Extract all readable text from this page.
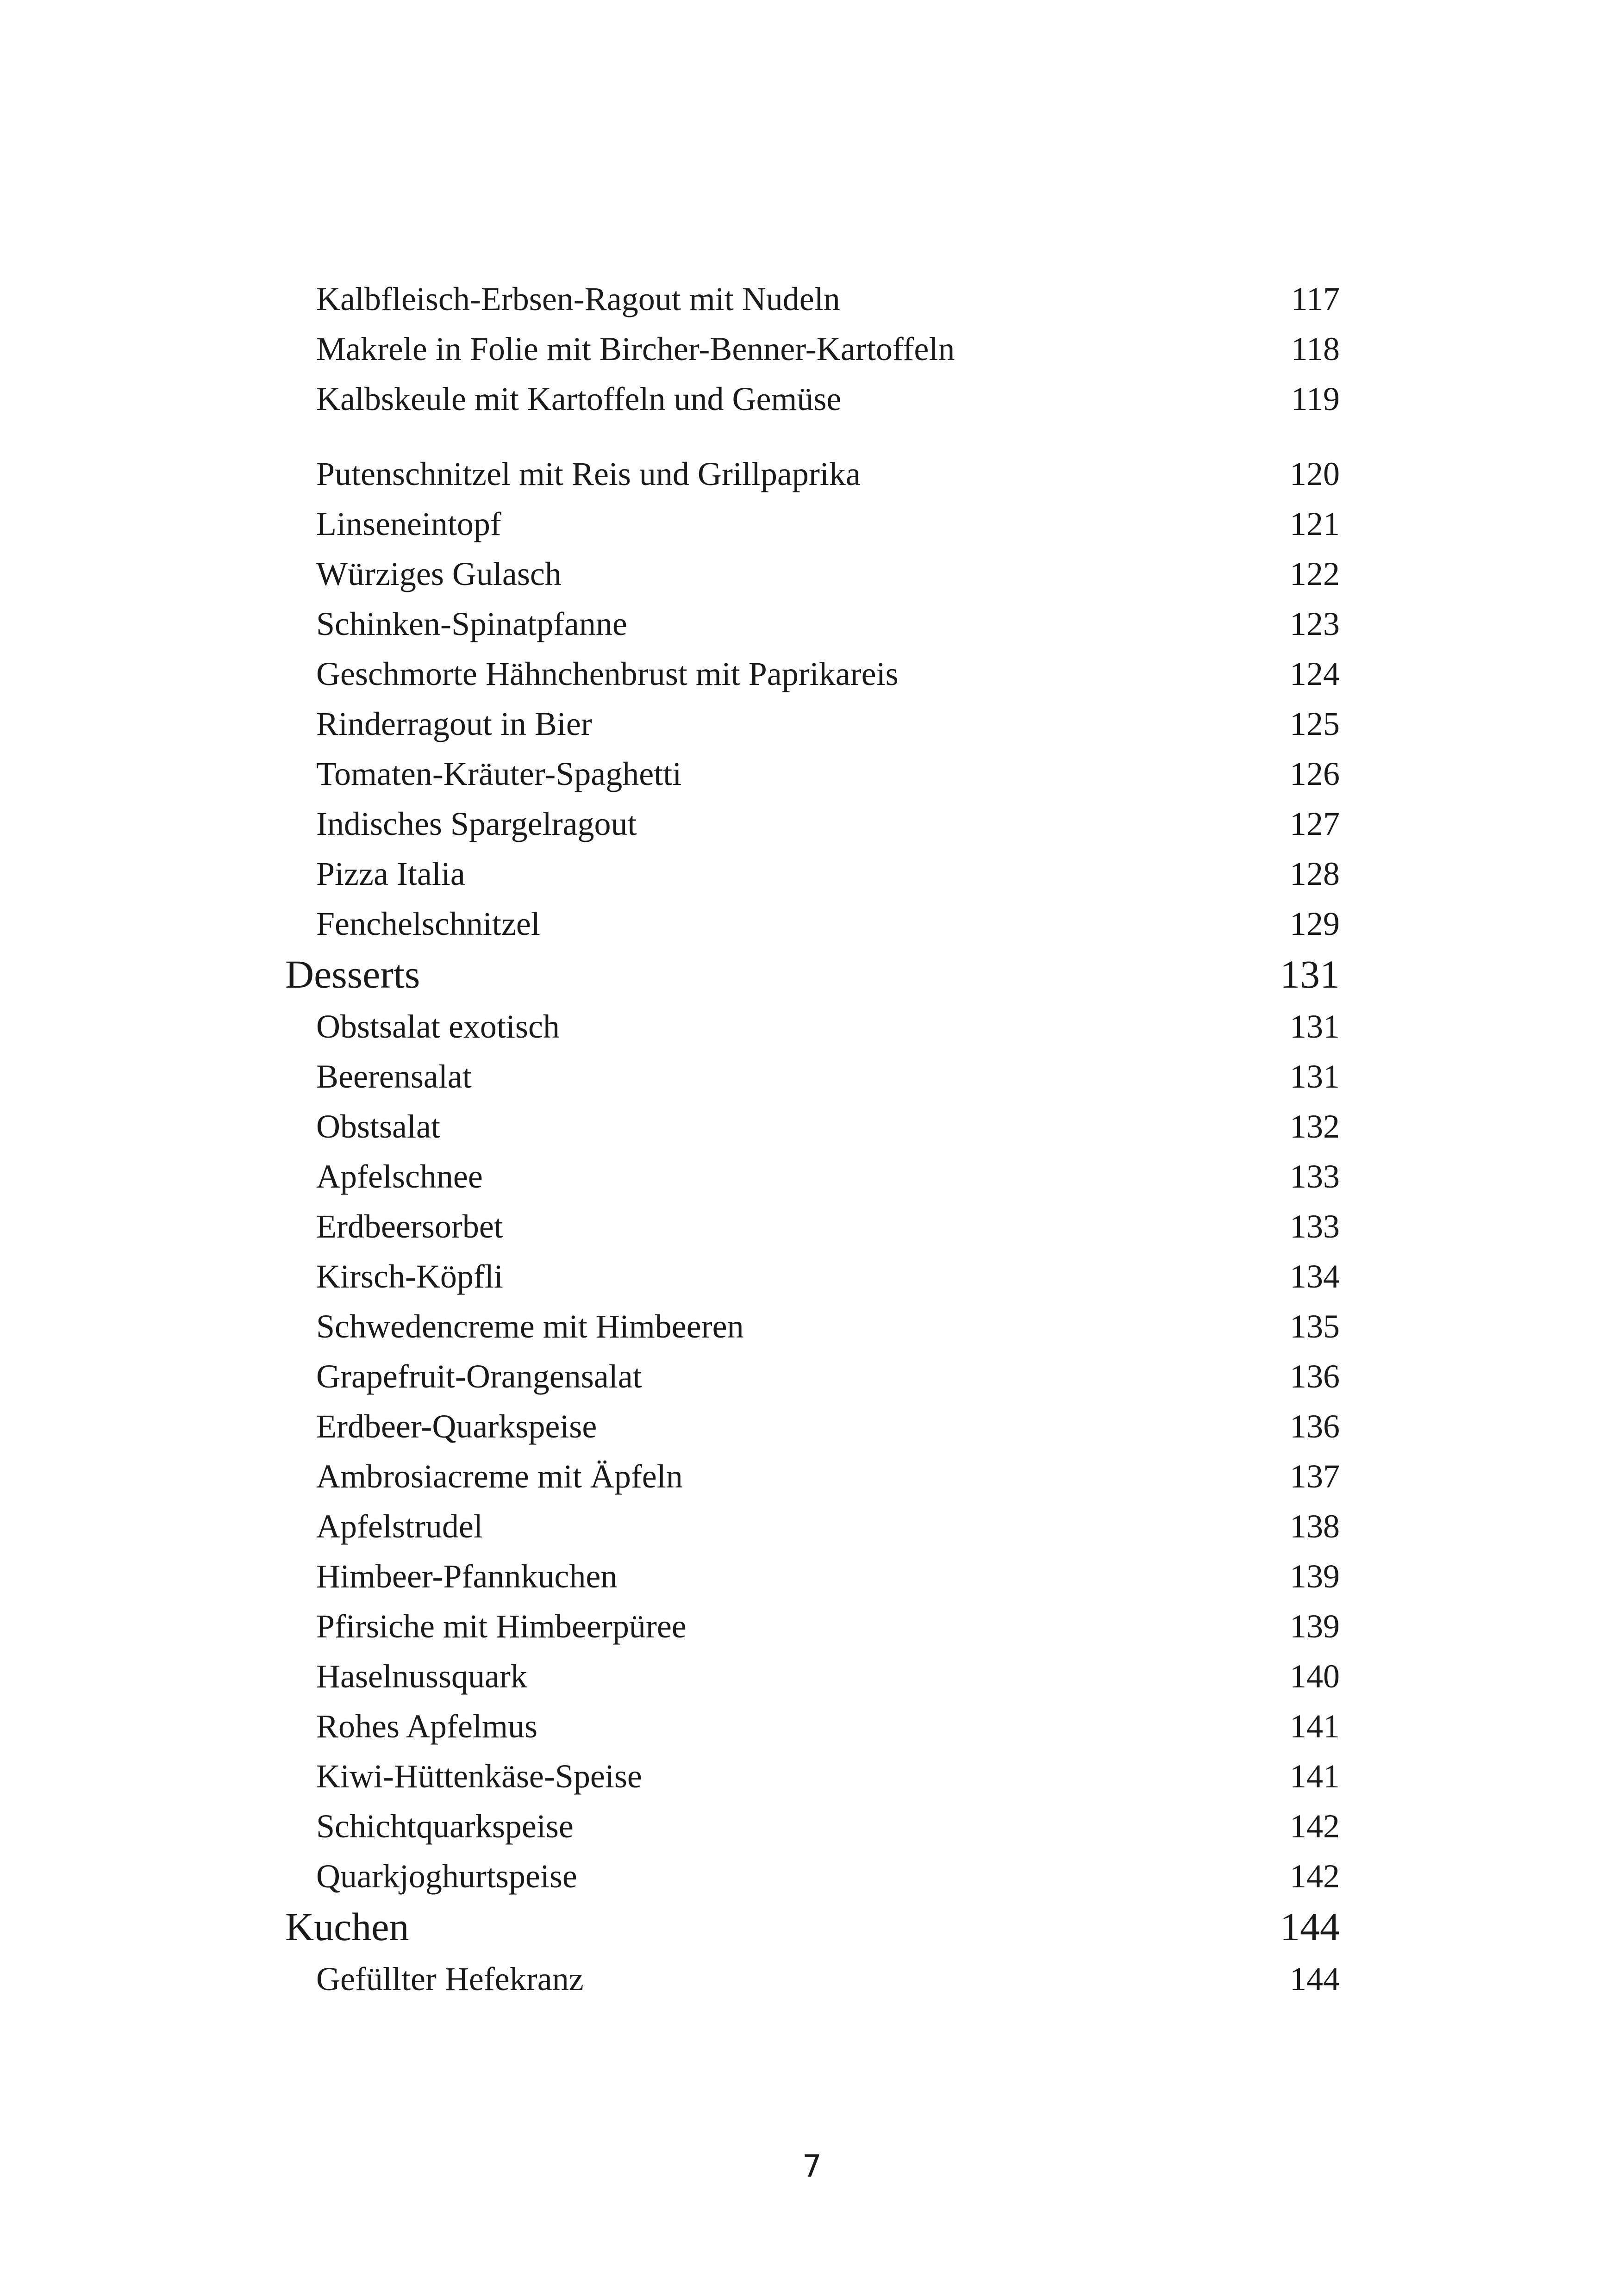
Kalbfleisch-Erbsen-Ragout mit Nudeln	117
Makrele in Folie mit Bircher-Benner-Kartoffeln	118
Kalbskeule mit Kartoffeln und Gemüse	119
Putenschnitzel mit Reis und Grillpaprika	120
Linseneintopf	121
Würziges Gulasch	122
Schinken-Spinatpfanne	123
Geschmorte Hähnchenbrust mit Paprikareis	124
Rinderragout in Bier	125
Tomaten-Kräuter-Spaghetti	126
Indisches Spargelragout	127
Pizza Italia	128
Fenchelschnitzel	129
Desserts	131
Obstsalat exotisch	131
Beerensalat	131
Obstsalat	132
Apfelschnee	133
Erdbeersorbet	133
Kirsch-Köpfli	134
Schwedencreme mit Himbeeren	135
Grapefruit-Orangensalat	136
Erdbeer-Quarkspeise	136
Ambrosiacreme mit Äpfeln	137
Apfelstrudel	138
Himbeer-Pfannkuchen	139
Pfirsiche mit Himbeerpüree	139
Haselnussquark	140
Rohes Apfelmus	141
Kiwi-Hüttenkäse-Speise	141
Schichtquarkspeise	142
Quarkjoghurtspeise	142
Kuchen	144
Gefüllter Hefekranz	144
7
